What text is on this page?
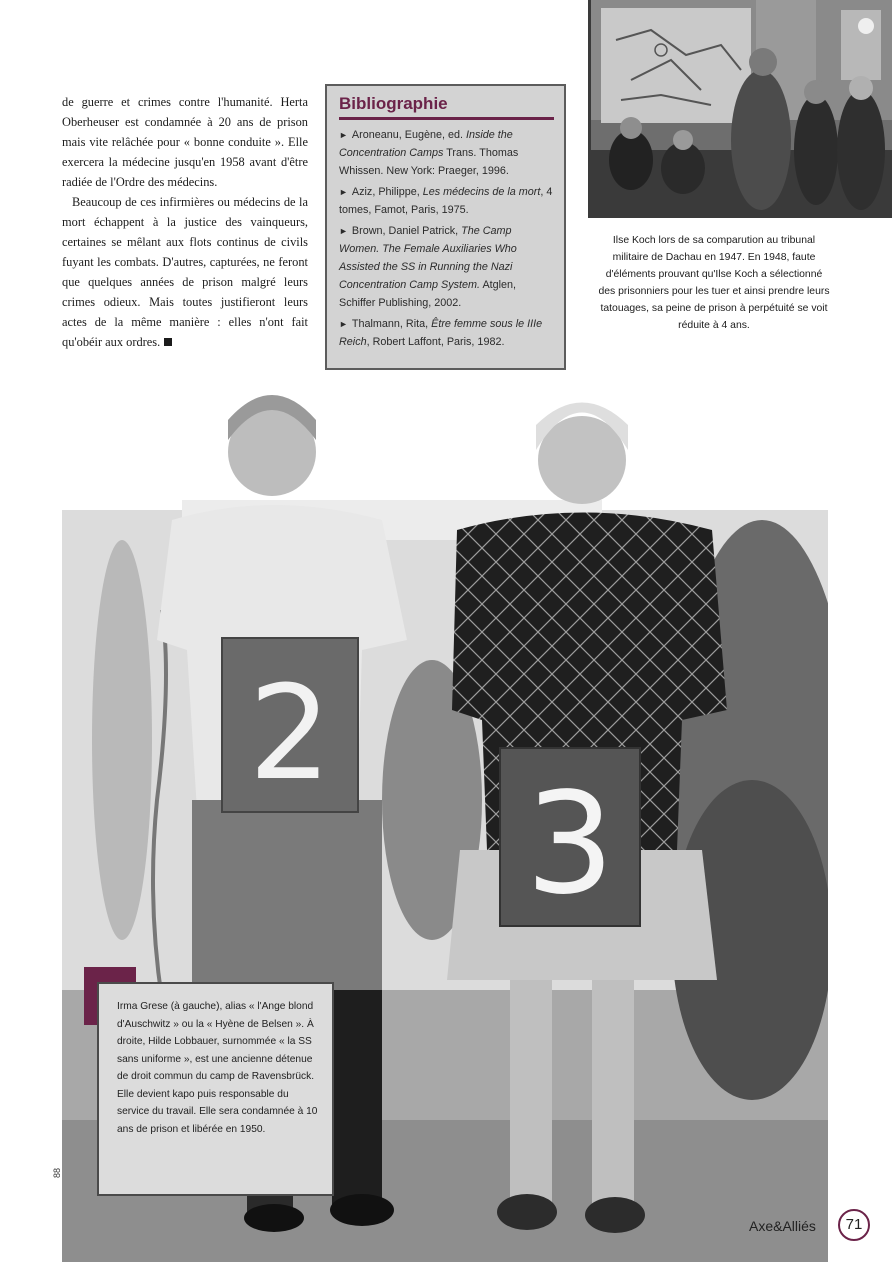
de guerre et crimes contre l'humanité. Herta Oberheuser est condamnée à 20 ans de prison mais vite relâchée pour « bonne conduite ». Elle exercera la médecine jusqu'en 1958 avant d'être radiée de l'Ordre des médecins.

Beaucoup de ces infirmières ou médecins de la mort échappent à la justice des vainqueurs, certaines se mêlant aux flots continus de civils fuyant les combats. D'autres, capturées, ne feront que quelques années de prison malgré leurs crimes odieux. Mais toutes justifieront leurs actes de la même manière : elles n'ont fait qu'obéir aux ordres.

Bibliographie
► Aroneanu, Eugène, ed. Inside the Concentration Camps Trans. Thomas Whissen. New York: Praeger, 1996.
► Aziz, Philippe, Les médecins de la mort, 4 tomes, Famot, Paris, 1975.
► Brown, Daniel Patrick, The Camp Women. The Female Auxiliaries Who Assisted the SS in Running the Nazi Concentration Camp System. Atglen, Schiffer Publishing, 2002.
► Thalmann, Rita, Être femme sous le IIIe Reich, Robert Laffont, Paris, 1982.
Ilse Koch lors de sa comparution au tribunal militaire de Dachau en 1947. En 1948, faute d'éléments prouvant qu'Ilse Koch a sélectionné des prisonniers pour les tuer et ainsi prendre leurs tatouages, sa peine de prison à perpétuité se voit réduite à 4 ans.
2
3
Irma Grese (à gauche), alias « l'Ange blond d'Auschwitz » ou la « Hyène de Belsen ». À droite, Hilde Lobbauer, surnommée « la SS sans uniforme », est une ancienne détenue de droit commun du camp de Ravensbrück. Elle devient kapo puis responsable du service du travail. Elle sera condamnée à 10 ans de prison et libérée en 1950.
88
Axe&Alliés	71
